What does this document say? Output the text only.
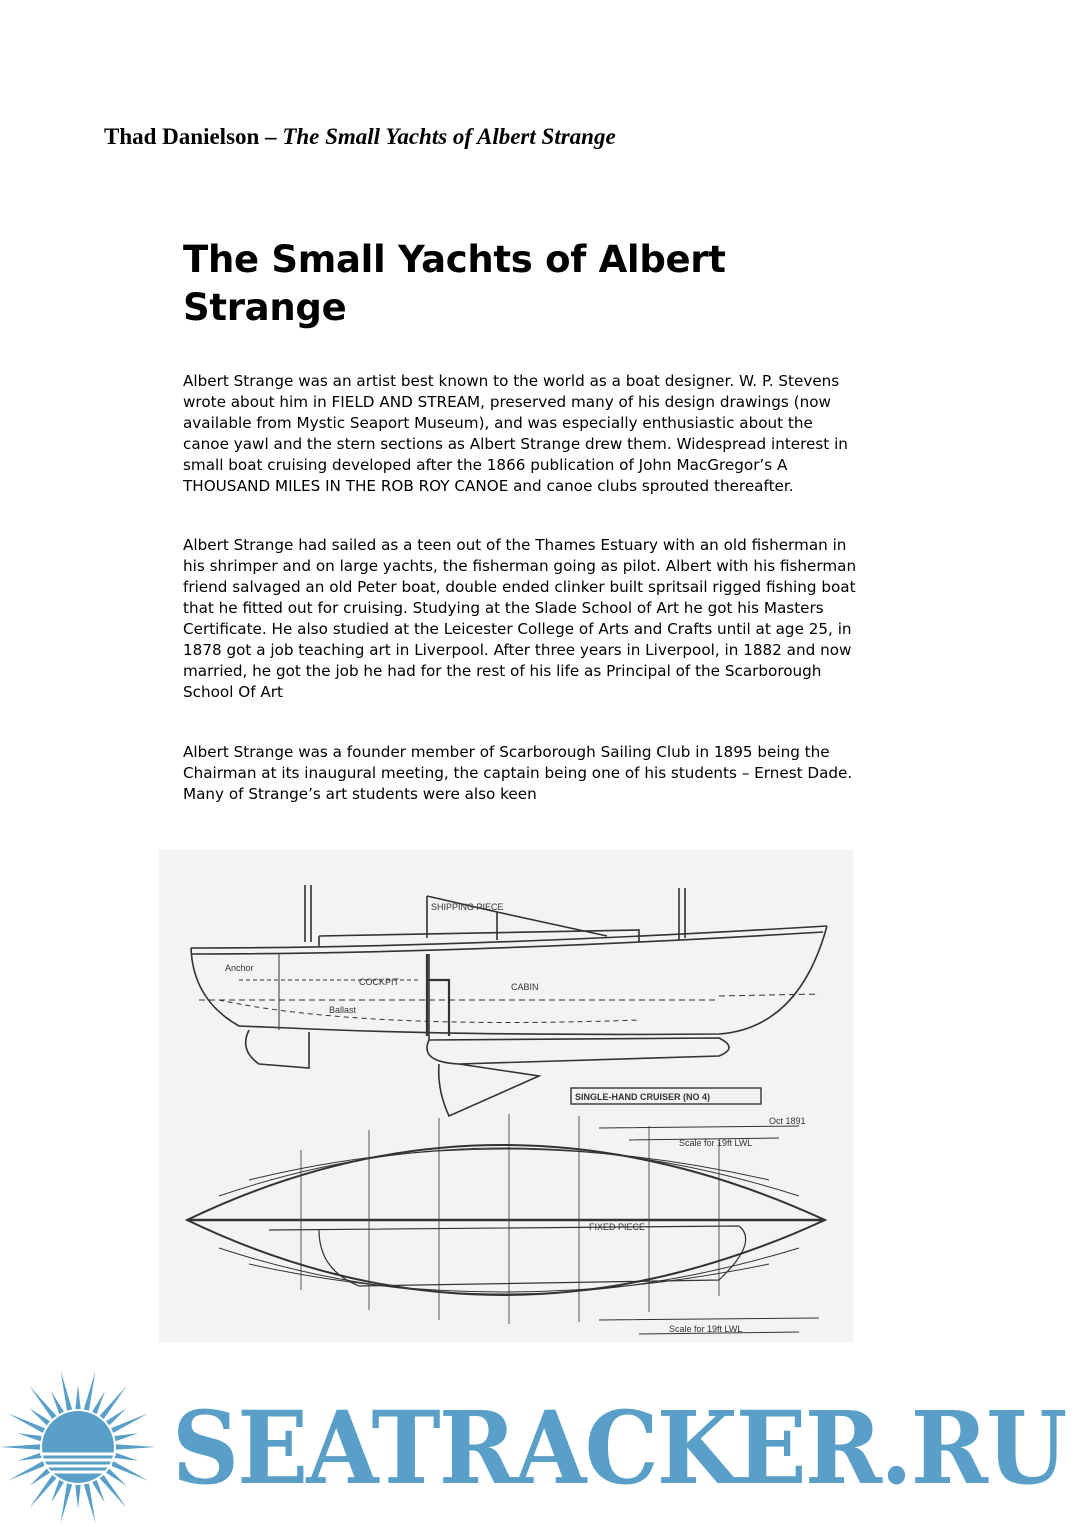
Thad Danielson – The Small Yachts of Albert Strange
The Small Yachts of Albert Strange

Albert Strange was an artist best known to the world as a boat designer. W. P. Stevens wrote about him in FIELD AND STREAM, preserved many of his design drawings (now available from Mystic Seaport Museum), and was especially enthusiastic about the canoe yawl and the stern sections as Albert Strange drew them. Widespread interest in small boat cruising developed after the 1866 publication of John MacGregor’s A THOUSAND MILES IN THE ROB ROY CANOE and canoe clubs sprouted thereafter.

Albert Strange had sailed as a teen out of the Thames Estuary with an old fisherman in his shrimper and on large yachts, the fisherman going as pilot. Albert with his fisherman friend salvaged an old Peter boat, double ended clinker built spritsail rigged fishing boat that he fitted out for cruising. Studying at the Slade School of Art he got his Masters Certificate. He also studied at the Leicester College of Arts and Crafts until at age 25, in 1878 got a job teaching art in Liverpool. After three years in Liverpool, in 1882 and now married, he got the job he had for the rest of his life as Principal of the Scarborough School Of Art

Albert Strange was a founder member of Scarborough Sailing Club in 1895 being the Chairman at its inaugural meeting, the captain being one of his students – Ernest Dade. Many of Strange’s art students were also keen

COCKPIT	CABIN
SHIPPING PIECE
Anchor
Ballast
FIXED PIECE
SINGLE-HAND CRUISER (NO 4)
Oct 1891
Scale for 19ft LWL
Scale for 19ft LWL
SEATRACKER.RU
